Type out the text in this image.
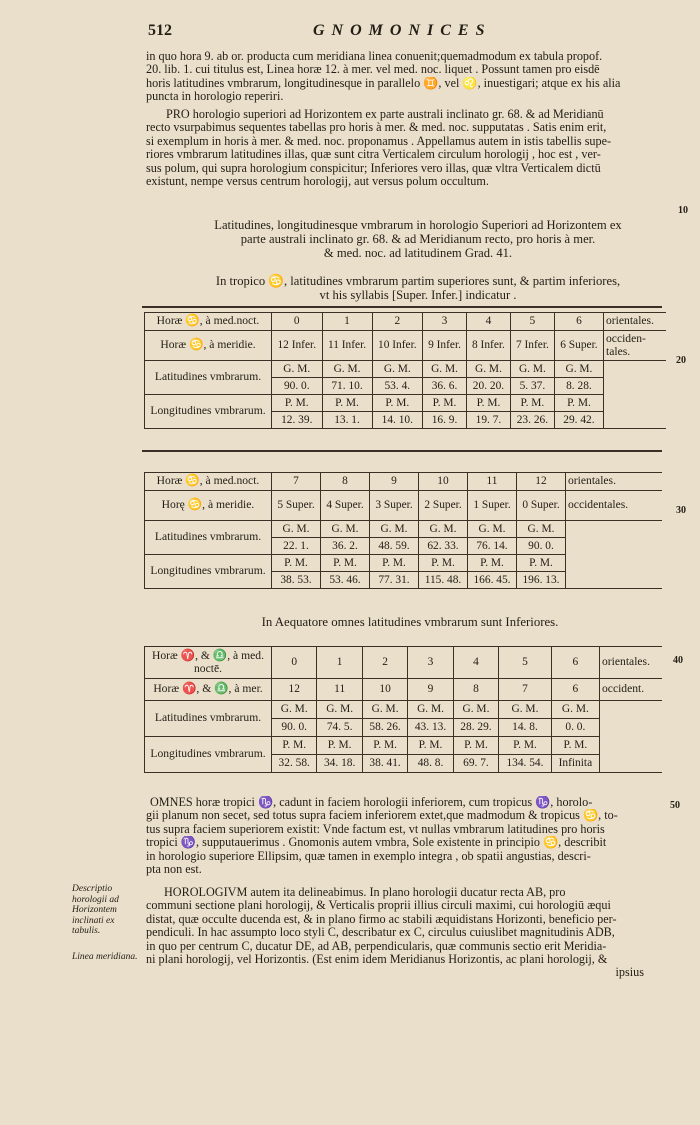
512	GNOMONICES

in quo hora 9. ab or. producta cum meridiana linea conuenit;quemadmodum ex tabula propof.

20. lib. 1. cui titulus est, Linea horæ 12. à mer. vel med. noc. liquet . Possunt tamen pro eisdē

horis latitudines vmbrarum, longitudinesque in parallelo ♊, vel ♌, inuestigari; atque ex his alia

puncta in horologio reperiri.

PRO horologio superiori ad Horizontem ex parte australi inclinato gr. 68. & ad Meridianū

recto vsurpabimus sequentes tabellas pro horis à mer. & med. noc. supputatas . Satis enim erit,

si exemplum in horis à mer. & med. noc. proponamus . Appellamus autem in istis tabellis supe-

riores vmbrarum latitudines illas, quæ sunt citra Verticalem circulum horologij , hoc est , ver-

sus polum, qui supra horologium conspicitur; Inferiores vero illas, quæ vltra Verticalem dictū

existunt, nempe versus centrum horologij, aut versus polum occultum.

Latitudines, longitudinesque vmbrarum in horologio Superiori ad Horizontem ex

parte australi inclinato gr. 68. & ad Meridianum recto, pro horis à mer.

& med. noc. ad latitudinem Grad. 41.

In tropico ♋, latitudines vmbrarum partim superiores sunt, & partim inferiores,

vt his syllabis [Super. Infer.] indicatur .

Horæ ♋, à med.noct.	0	1	2	3	4	5	6	orientales.
Horæ ♋, à meridie.	12 Infer.	11 Infer.	10 Infer.	9 Infer.	8 Infer.	7 Infer.	6 Super.	occiden-tales.
Latitudines vmbrarum.	G. M.	G. M.	G. M.	G. M.	G. M.	G. M.	G. M.	
	90. 0.	71. 10.	53. 4.	36. 6.	20. 20.	5. 37.	8. 28.	
Longitudines vmbrarum.	P. M.	P. M.	P. M.	P. M.	P. M.	P. M.	P. M.	
	12. 39.	13. 1.	14. 10.	16. 9.	19. 7.	23. 26.	29. 42.	
Horæ ♋, à med.noct.	7	8	9	10	11	12	orientales.
Horę ♋, à meridie.	5 Super.	4 Super.	3 Super.	2 Super.	1 Super.	0 Super.	occidentales.
Latitudines vmbrarum.	G. M.	G. M.	G. M.	G. M.	G. M.	G. M.	
	22. 1.	36. 2.	48. 59.	62. 33.	76. 14.	90. 0.	
Longitudines vmbrarum.	P. M.	P. M.	P. M.	P. M.	P. M.	P. M.	
	38. 53.	53. 46.	77. 31.	115. 48.	166. 45.	196. 13.	
In Aequatore omnes latitudines vmbrarum sunt Inferiores.
Horæ ♈, & ♎, à med. noctē.	0	1	2	3	4	5	6	orientales.
Horæ ♈, & ♎, à mer.	12	11	10	9	8	7	6	occident.
Latitudines vmbrarum.	G. M.	G. M.	G. M.	G. M.	G. M.	G. M.	G. M.	
	90. 0.	74. 5.	58. 26.	43. 13.	28. 29.	14. 8.	0. 0.	
Longitudines vmbrarum.	P. M.	P. M.	P. M.	P. M.	P. M.	P. M.	P. M.	
	32. 58.	34. 18.	38. 41.	48. 8.	69. 7.	134. 54.	Infinita	

OMNES horæ tropici ♑, cadunt in faciem horologii inferiorem, cum tropicus ♑, horolo-

gii planum non secet, sed totus supra faciem inferiorem extet,que madmodum & tropicus ♋, to-

tus supra faciem superiorem existit: Vnde factum est, vt nullas vmbrarum latitudines pro horis

tropici ♑, supputauerimus . Gnomonis autem vmbra, Sole existente in principio ♋, describit

in horologio superiore Ellipsim, quæ tamen in exemplo integra , ob spatii angustias, descri-

pta non est.

HOROLOGIVM autem ita delineabimus. In plano horologii ducatur recta AB, pro

communi sectione plani horologij, & Verticalis proprii illius circuli maximi, cui horologiū æqui

distat, quæ occulte ducenda est, & in plano firmo ac stabili æquidistans Horizonti, beneficio per-

pendiculi. In hac assumpto loco styli C, describatur ex C, circulus cuiuslibet magnitudinis ADB,

in quo per centrum C, ducatur DE, ad AB, perpendicularis, quæ communis sectio erit Meridia-

ni plani horologij, vel Horizontis. (Est enim idem Meridianus Horizontis, ac plani horologij, &

ipsius

Descriptio horologii ad Horizontem inclinati ex tabulis.
Linea meridiana.
10
20
30
40
50
